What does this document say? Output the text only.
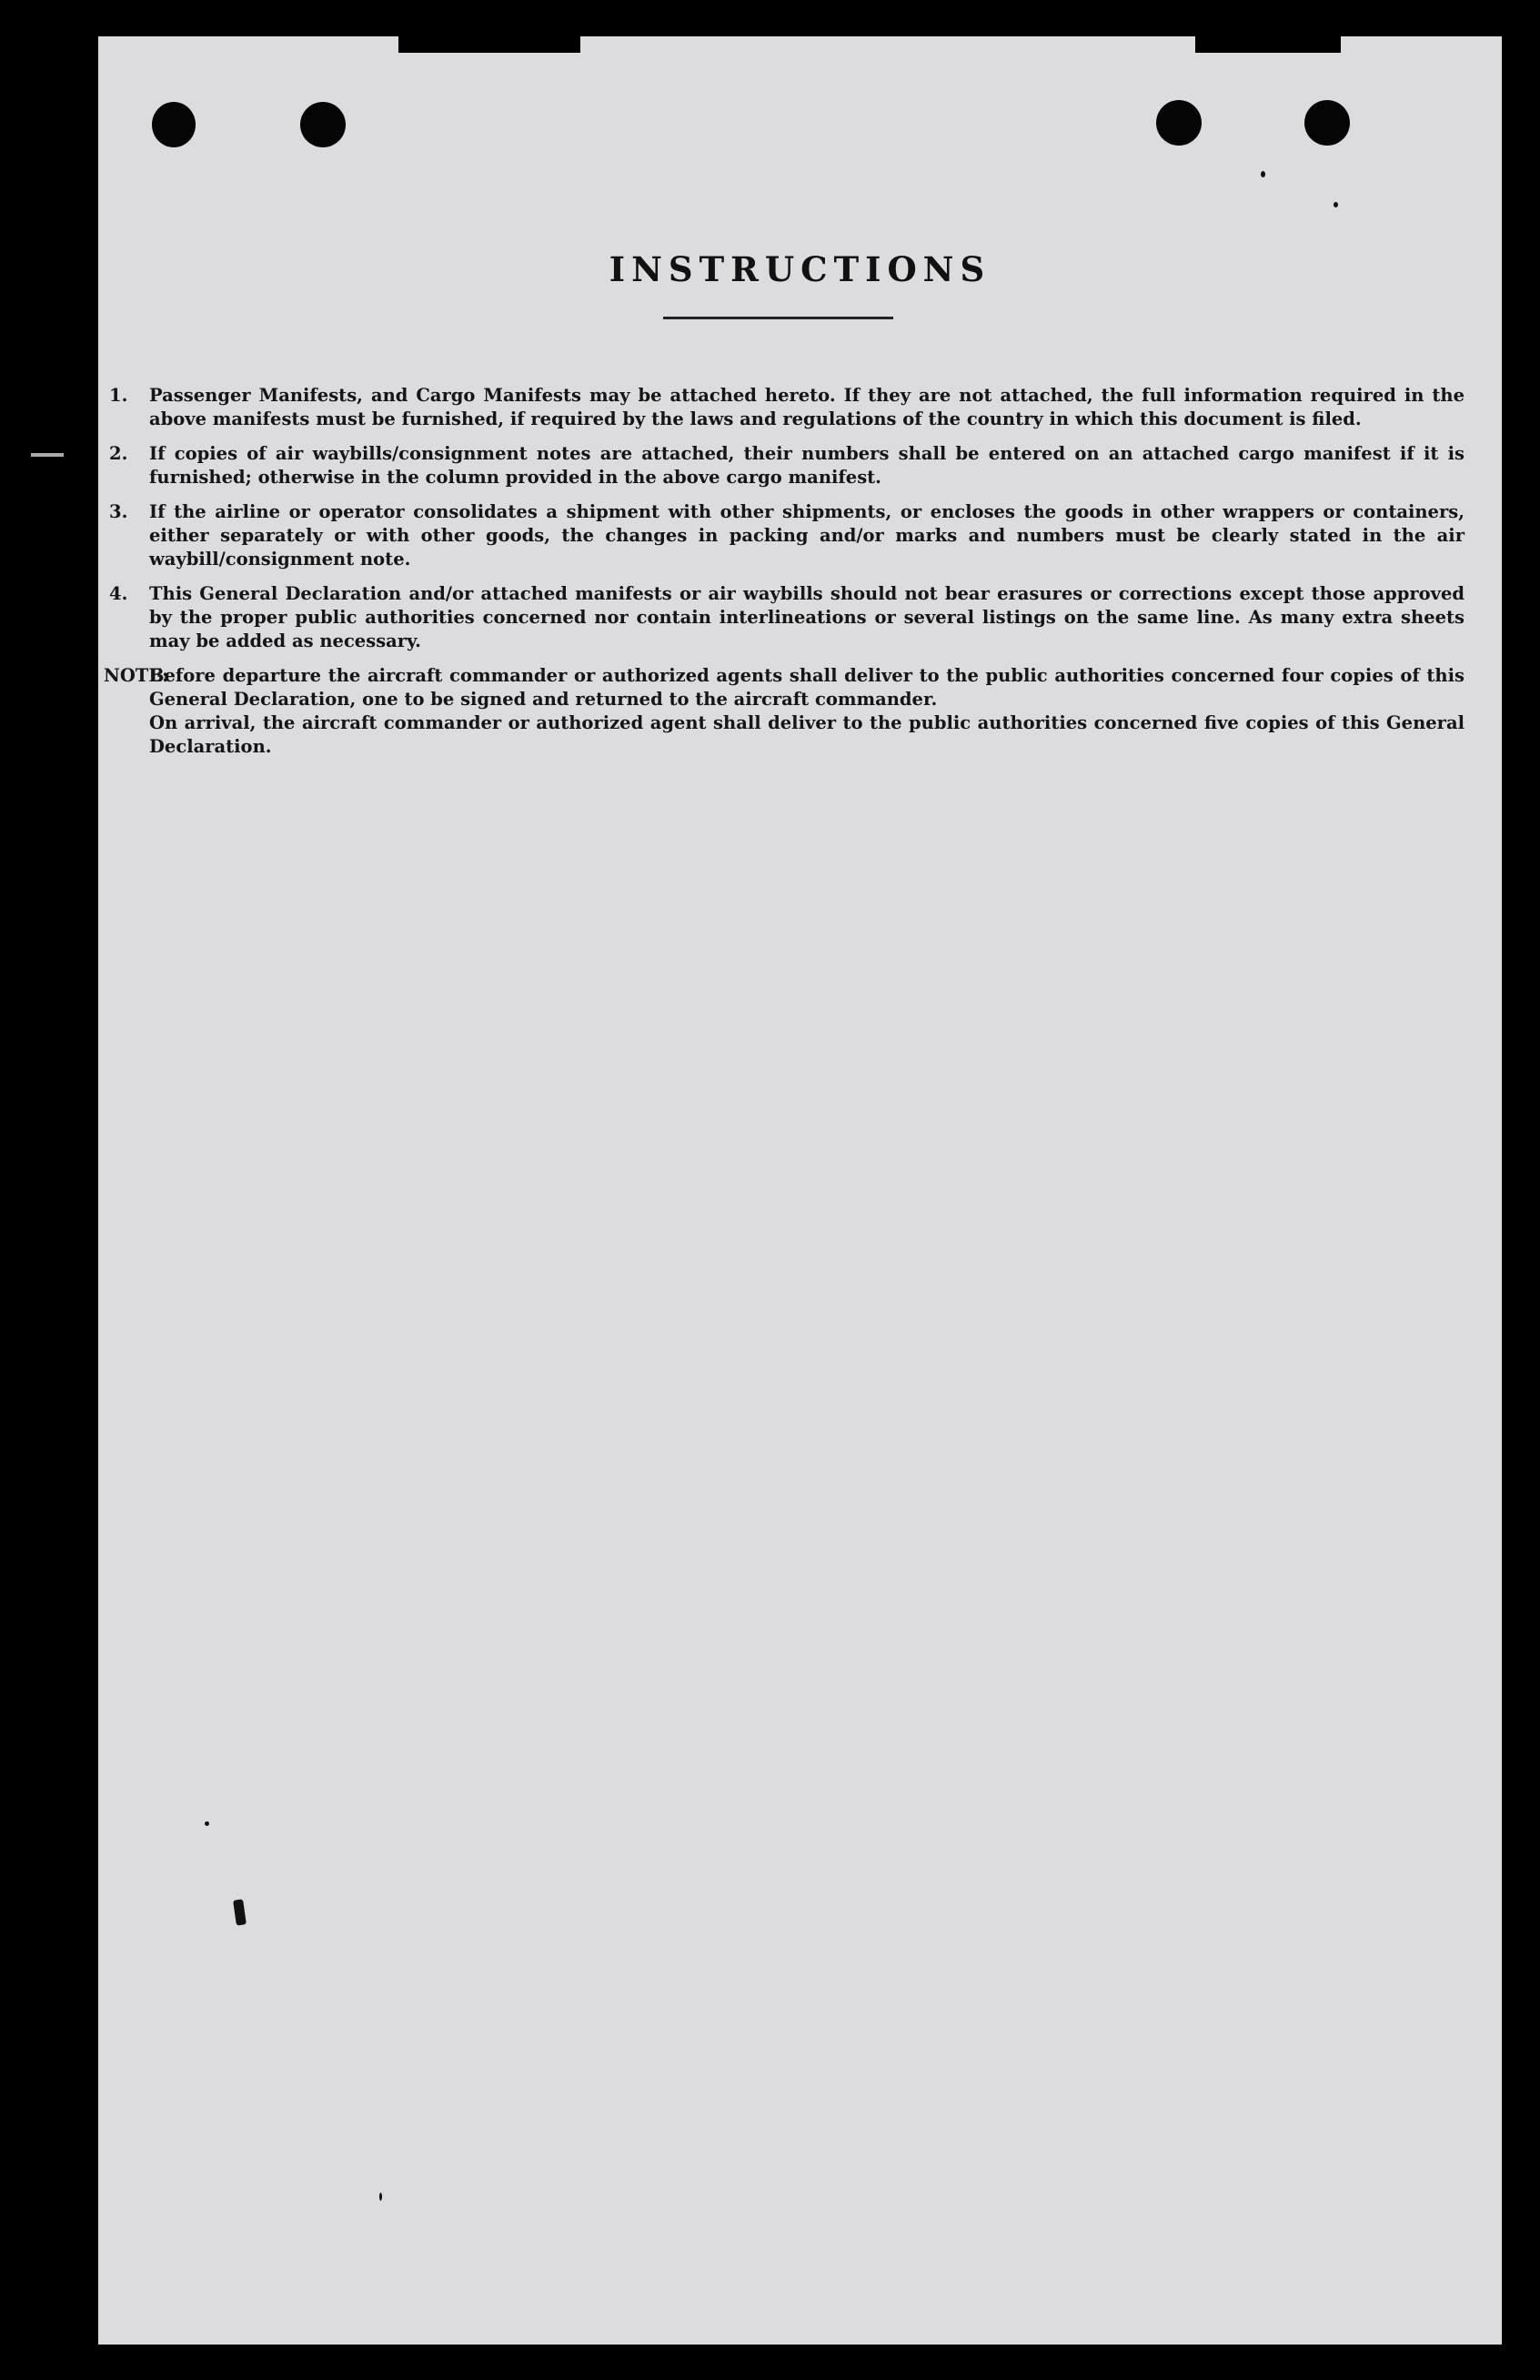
INSTRUCTIONS
1.	Passenger Manifests, and Cargo Manifests may be attached hereto. If they are not attached, the full information required in the above manifests must be furnished, if required by the laws and regulations of the country in which this document is filed.
2.	If copies of air waybills/consignment notes are attached, their numbers shall be entered on an attached cargo manifest if it is furnished; otherwise in the column provided in the above cargo manifest.
3.	If the airline or operator consolidates a shipment with other shipments, or encloses the goods in other wrappers or containers, either separately or with other goods, the changes in packing and/or marks and numbers must be clearly stated in the air waybill/consignment note.
4.	This General Declaration and/or attached manifests or air waybills should not bear erasures or corrections except those approved by the proper public authorities concerned nor contain interlineations or several listings on the same line. As many extra sheets may be added as necessary.
NOTE:
Before departure the aircraft commander or authorized agents shall deliver to the public authorities concerned four copies of this General Declaration, one to be signed and returned to the aircraft commander.
On arrival, the aircraft commander or authorized agent shall deliver to the public authorities concerned five copies of this General Declaration.
